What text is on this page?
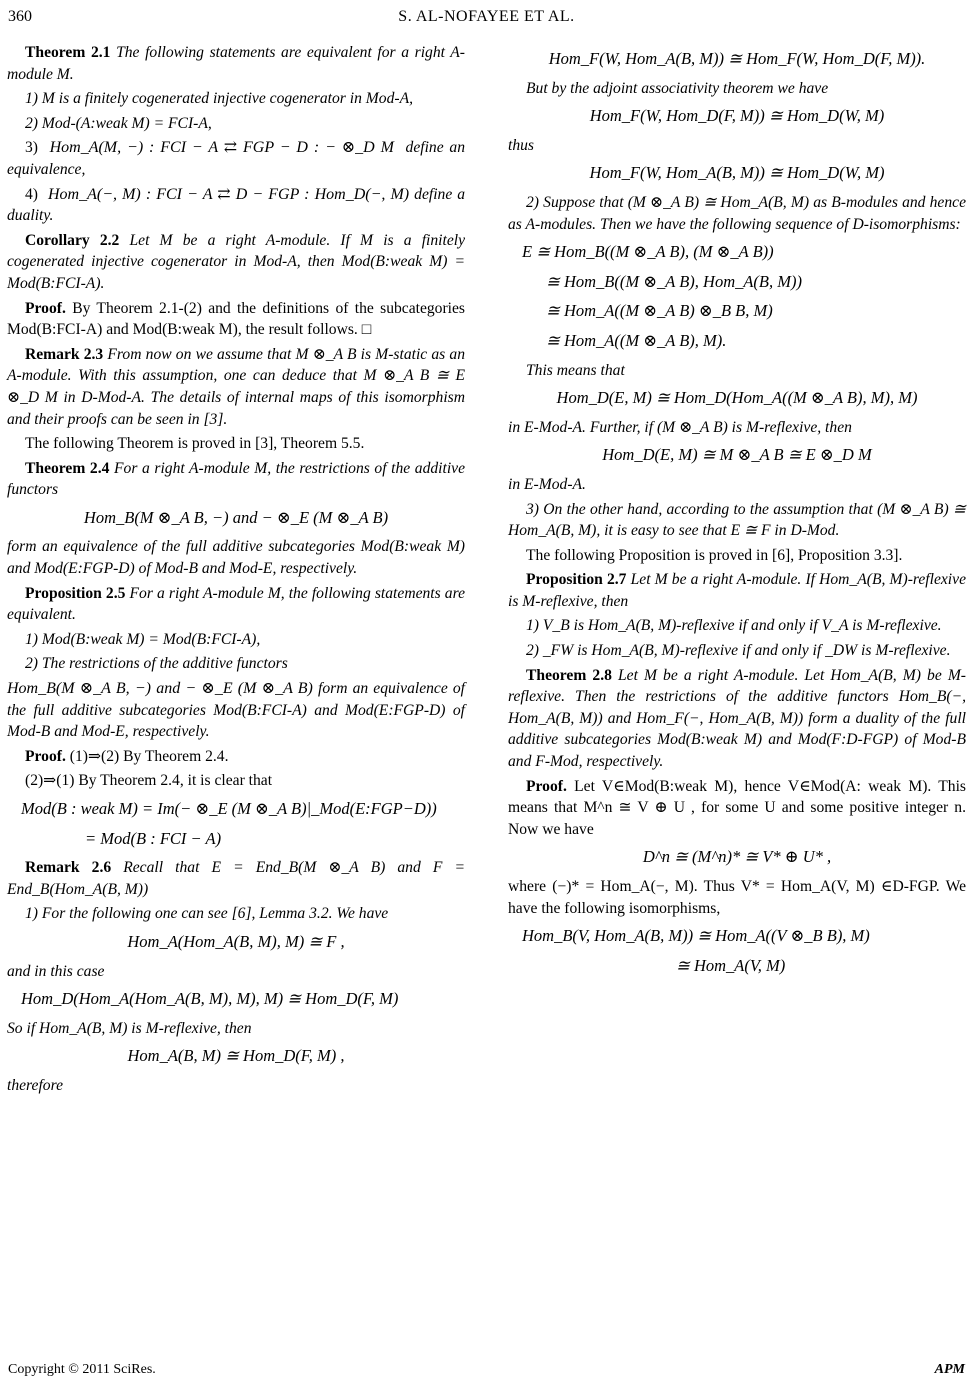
360	S. AL-NOFAYEE ET AL.

Theorem 2.1 The following statements are equivalent for a right A-module M.

1) M is a finitely cogenerated injective cogenerator in Mod-A,

2) Mod-(A:weak M) = FCI-A,

3) Hom_A(M, −) : FCI − A ⇄ FGP − D : − ⊗_D M define an equivalence,

4) Hom_A(−, M) : FCI − A ⇄ D − FGP : Hom_D(−, M) define a duality.

Corollary 2.2 Let M be a right A-module. If M is a finitely cogenerated injective cogenerator in Mod-A, then Mod(B:weak M) = Mod(B:FCI-A).

Proof. By Theorem 2.1-(2) and the definitions of the subcategories Mod(B:FCI-A) and Mod(B:weak M), the result follows. □

Remark 2.3 From now on we assume that M ⊗_A B is M-static as an A-module. With this assumption, one can deduce that M ⊗_A B ≅ E ⊗_D M in D-Mod-A. The details of internal maps of this isomorphism and their proofs can be seen in [3].

The following Theorem is proved in [3], Theorem 5.5.

Theorem 2.4 For a right A-module M, the restrictions of the additive functors

Hom_B(M ⊗_A B, −) and − ⊗_E (M ⊗_A B)

form an equivalence of the full additive subcategories Mod(B:weak M) and Mod(E:FGP-D) of Mod-B and Mod-E, respectively.

Proposition 2.5 For a right A-module M, the following statements are equivalent.

1) Mod(B:weak M) = Mod(B:FCI-A),

2) The restrictions of the additive functors

Hom_B(M ⊗_A B, −) and − ⊗_E (M ⊗_A B) form an equivalence of the full additive subcategories Mod(B:FCI-A) and Mod(E:FGP-D) of Mod-B and Mod-E, respectively.

Proof. (1)⇒(2) By Theorem 2.4.

(2)⇒(1) By Theorem 2.4, it is clear that

Mod(B : weak M) = Im(− ⊗_E (M ⊗_A B)|_Mod(E:FGP−D))
= Mod(B : FCI − A)

Remark 2.6 Recall that E = End_B(M ⊗_A B) and F = End_B(Hom_A(B, M))

1) For the following one can see [6], Lemma 3.2. We have

Hom_A(Hom_A(B, M), M) ≅ F ,

and in this case

Hom_D(Hom_A(Hom_A(B, M), M), M) ≅ Hom_D(F, M)

So if Hom_A(B, M) is M-reflexive, then

Hom_A(B, M) ≅ Hom_D(F, M) ,

therefore

Hom_F(W, Hom_A(B, M)) ≅ Hom_F(W, Hom_D(F, M)).

But by the adjoint associativity theorem we have

Hom_F(W, Hom_D(F, M)) ≅ Hom_D(W, M)

thus

Hom_F(W, Hom_A(B, M)) ≅ Hom_D(W, M)

2) Suppose that (M ⊗_A B) ≅ Hom_A(B, M) as B-modules and hence as A-modules. Then we have the following sequence of D-isomorphisms:

E ≅ Hom_B((M ⊗_A B), (M ⊗_A B))
≅ Hom_B((M ⊗_A B), Hom_A(B, M))
≅ Hom_A((M ⊗_A B) ⊗_B B, M)
≅ Hom_A((M ⊗_A B), M).

This means that

Hom_D(E, M) ≅ Hom_D(Hom_A((M ⊗_A B), M), M)

in E-Mod-A. Further, if (M ⊗_A B) is M-reflexive, then

Hom_D(E, M) ≅ M ⊗_A B ≅ E ⊗_D M

in E-Mod-A.

3) On the other hand, according to the assumption that (M ⊗_A B) ≅ Hom_A(B, M), it is easy to see that E ≅ F in D-Mod.

The following Proposition is proved in [6], Proposition 3.3].

Proposition 2.7 Let M be a right A-module. If Hom_A(B, M)-reflexive is M-reflexive, then

1) V_B is Hom_A(B, M)-reflexive if and only if V_A is M-reflexive.

2) _FW is Hom_A(B, M)-reflexive if and only if _DW is M-reflexive.

Theorem 2.8 Let M be a right A-module. Let Hom_A(B, M) be M-reflexive. Then the restrictions of the additive functors Hom_B(−, Hom_A(B, M)) and Hom_F(−, Hom_A(B, M)) form a duality of the full additive subcategories Mod(B:weak M) and Mod(F:D-FGP) of Mod-B and F-Mod, respectively.

Proof. Let V∈Mod(B:weak M), hence V∈Mod(A: weak M). This means that M^n ≅ V ⊕ U , for some U and some positive integer n. Now we have

D^n ≅ (M^n)* ≅ V* ⊕ U* ,

where (−)* = Hom_A(−, M). Thus V* = Hom_A(V, M) ∈D-FGP. We have the following isomorphisms,

Hom_B(V, Hom_A(B, M)) ≅ Hom_A((V ⊗_B B), M)
≅ Hom_A(V, M)
Copyright © 2011 SciRes.	APM
